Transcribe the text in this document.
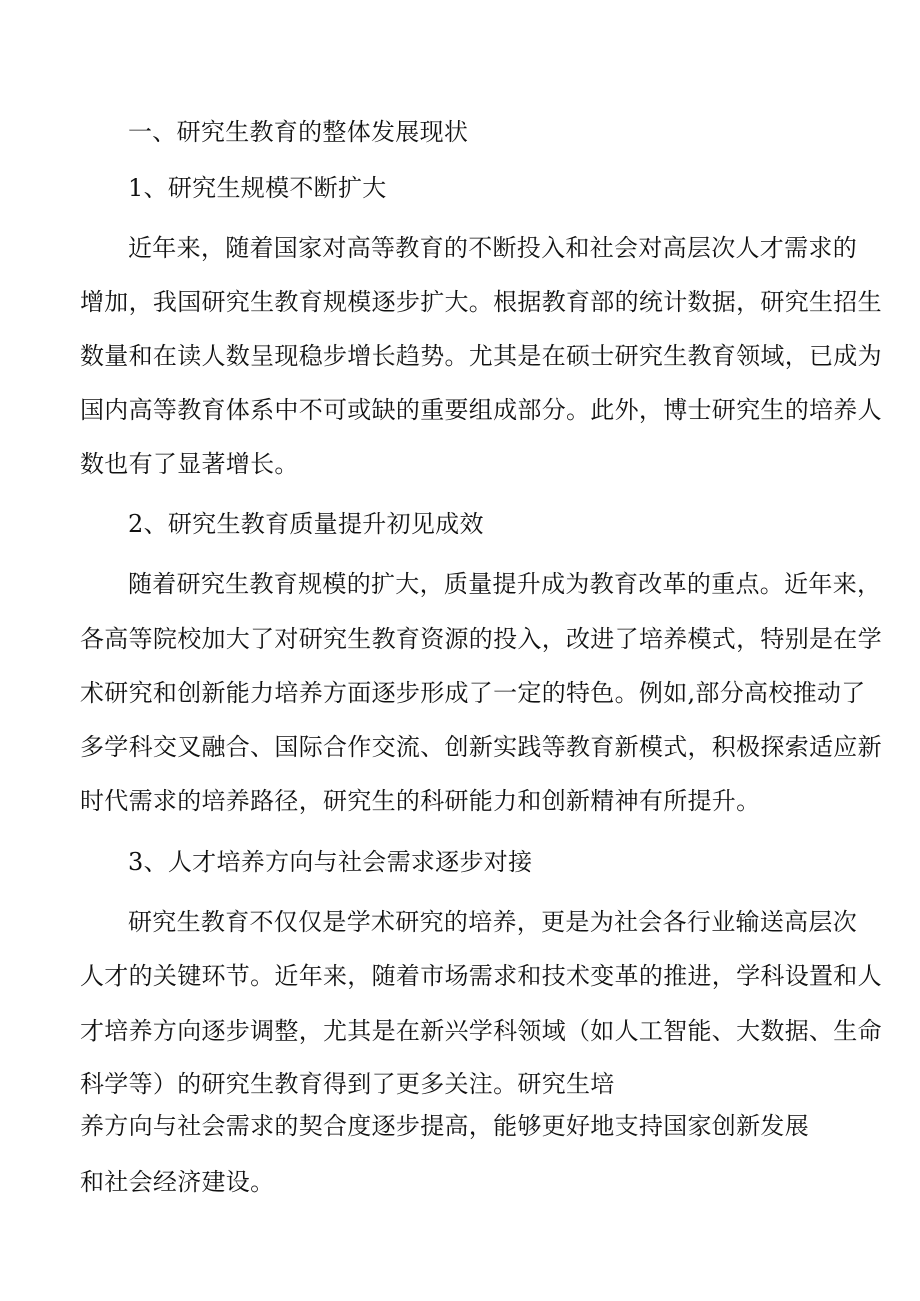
一、研究生教育的整体发展现状
1、研究生规模不断扩大
近年来，随着国家对高等教育的不断投入和社会对高层次人才需求的
增加，我国研究生教育规模逐步扩大。根据教育部的统计数据，研究生招生
数量和在读人数呈现稳步增长趋势。尤其是在硕士研究生教育领域，已成为
国内高等教育体系中不可或缺的重要组成部分。此外，博士研究生的培养人
数也有了显著增长。
2、研究生教育质量提升初见成效
随着研究生教育规模的扩大，质量提升成为教育改革的重点。近年来，
各高等院校加大了对研究生教育资源的投入，改进了培养模式，特别是在学
术研究和创新能力培养方面逐步形成了一定的特色。例如,部分高校推动了
多学科交叉融合、国际合作交流、创新实践等教育新模式，积极探索适应新
时代需求的培养路径，研究生的科研能力和创新精神有所提升。
3、人才培养方向与社会需求逐步对接
研究生教育不仅仅是学术研究的培养，更是为社会各行业输送高层次
人才的关键环节。近年来，随着市场需求和技术变革的推进，学科设置和人
才培养方向逐步调整，尤其是在新兴学科领域（如人工智能、大数据、生命
科学等）的研究生教育得到了更多关注。研究生培
养方向与社会需求的契合度逐步提高，能够更好地支持国家创新发展
和社会经济建设。
